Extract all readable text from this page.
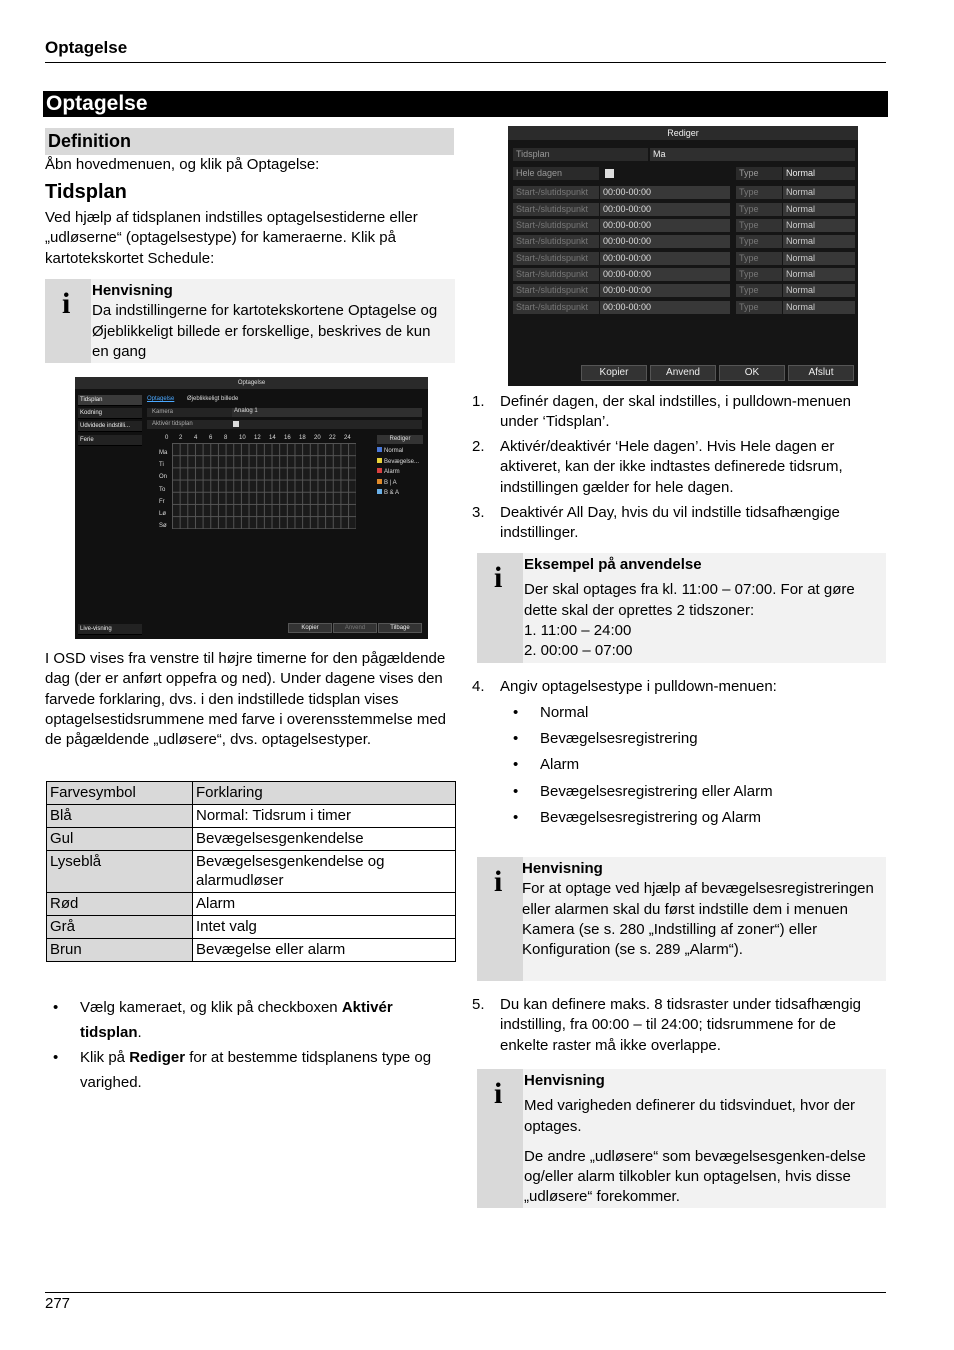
Optagelse
Optagelse
Definition
Åbn hovedmenuen, og klik på Optagelse:
Tidsplan
Ved hjælp af tidsplanen indstilles optagelsestiderne eller „udløserne“ (optagelsestype) for kameraerne. Klik på kartotekskortet Schedule:
i Henvisning
Da indstillingerne for kartotekskortene Optagelse og Øjeblikkeligt billede er forskellige, beskrives de kun en gang
Optagelse
Tidsplan
Kodning
Udvidede indstilli...
Ferie
Live-visning
Optagelse Øjeblikkeligt billede
Kamera	Analog 1
Aktivér tidsplan
0 2 4 6 8 10 12 14 16 18 20 22 24
Ma
Ti
On
To
Fr
Lø
Sø
Rediger
Normal
Bevægelse...
Alarm
B | A
B & A
Kopier	Anvend	Tilbage
I OSD vises fra venstre til højre timerne for den pågældende dag (der er anført oppefra og ned). Under dagene vises den farvede forklaring, dvs. i den indstillede tidsplan vises optagelsestidsrummene med farve i overensstemmelse med de pågældende „udløsere“, dvs. optagelsestyper.
Farvesymbol	Forklaring
Blå	Normal: Tidsrum i timer
Gul	Bevægelsesgenkendelse
Lyseblå	Bevægelsesgenkendelse og alarmudløser
Rød	Alarm
Grå	Intet valg
Brun	Bevægelse eller alarm
• Vælg kameraet, og klik på checkboxen Aktivér tidsplan.
• Klik på Rediger for at bestemme tidsplanens type og varighed.
Rediger
Tidsplan	Ma
Hele dagen	Type	Normal
Start-/slutidspunkt	00:00-00:00	Type	Normal
Start-/slutidspunkt	00:00-00:00	Type	Normal
Start-/slutidspunkt	00:00-00:00	Type	Normal
Start-/slutidspunkt	00:00-00:00	Type	Normal
Start-/slutidspunkt	00:00-00:00	Type	Normal
Start-/slutidspunkt	00:00-00:00	Type	Normal
Start-/slutidspunkt	00:00-00:00	Type	Normal
Start-/slutidspunkt	00:00-00:00	Type	Normal
Kopier	Anvend	OK	Afslut
1. Definér dagen, der skal indstilles, i pulldown-menuen under ‘Tidsplan’.
2. Aktivér/deaktivér ‘Hele dagen’. Hvis Hele dagen er aktiveret, kan der ikke indtastes definerede tidsrum, indstillingen gælder for hele dagen.
3. Deaktivér All Day, hvis du vil indstille tidsafhængige indstillinger.
i Eksempel på anvendelse
Der skal optages fra kl. 11:00 – 07:00. For at gøre dette skal der oprettes 2 tidszoner:
1. 11:00 – 24:00
2. 00:00 – 07:00
4. Angiv optagelsestype i pulldown-menuen:
• Normal
• Bevægelsesregistrering
• Alarm
• Bevægelsesregistrering eller Alarm
• Bevægelsesregistrering og Alarm
i Henvisning
For at optage ved hjælp af bevægelsesregistreringen eller alarmen skal du først indstille dem i menuen Kamera (se s. 280 „Indstilling af zoner“) eller Konfiguration (se s. 289 „Alarm“).
5. Du kan definere maks. 8 tidsraster under tidsafhængig indstilling, fra 00:00 – til 24:00; tidsrummene for de enkelte raster må ikke overlappe.
i Henvisning
Med varigheden definerer du tidsvinduet, hvor der optages.
De andre „udløsere“ som bevægelsesgenken-delse og/eller alarm tilkobler kun optagelsen, hvis disse „udløsere“ forekommer.
277
